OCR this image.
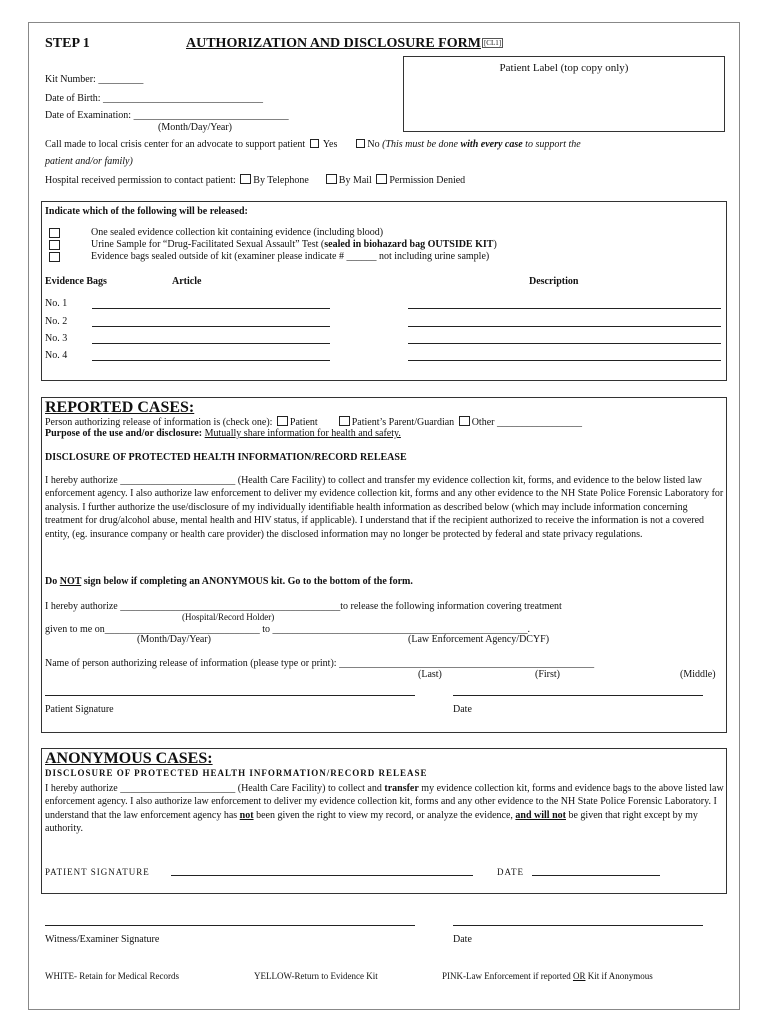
STEP 1	AUTHORIZATION AND DISCLOSURE FORM [CL1]
Patient Label (top copy only)
Kit Number: _________
Date of Birth: ________________________________
Date of Examination: _______________________________
(Month/Day/Year)
Call made to local crisis center for an advocate to support patient Yes	No (This must be done with every case to support the
patient and/or family)
Hospital received permission to contact patient: By Telephone	By Mail Permission Denied
Indicate which of the following will be released:
One sealed evidence collection kit containing evidence (including blood)
Urine Sample for “Drug-Facilitated Sexual Assault” Test (sealed in biohazard bag OUTSIDE KIT)
Evidence bags sealed outside of kit (examiner please indicate # ______ not including urine sample)
Evidence Bags	Article	Description
No. 1
No. 2
No. 3
No. 4
REPORTED CASES:
Person authorizing release of information is (check one): Patient	Patient’s Parent/Guardian Other _________________
Purpose of the use and/or disclosure: Mutually share information for health and safety.
DISCLOSURE OF PROTECTED HEALTH INFORMATION/RECORD RELEASE

I hereby authorize _______________________ (Health Care Facility) to collect and transfer my evidence collection kit, forms, and evidence to the below listed law enforcement agency. I also authorize law enforcement to deliver my evidence collection kit, forms and any other evidence to the NH State Police Forensic Laboratory for analysis. I further authorize the use/disclosure of my individually identifiable health information as described below (which may include information concerning treatment for drug/alcohol abuse, mental health and HIV status, if applicable). I understand that if the recipient authorized to receive the information is not a covered entity, (eg. insurance company or health care provider) the disclosed information may no longer be protected by federal and state privacy regulations.

Do NOT sign below if completing an ANONYMOUS kit. Go to the bottom of the form.
I hereby authorize ____________________________________________to release the following information covering treatment
(Hospital/Record Holder)
given to me on_______________________________ to ___________________________________________________.
(Month/Day/Year)	(Law Enforcement Agency/DCYF)
Name of person authorizing release of information (please type or print): ___________________________________________________
(Last)	(First)	(Middle)
Patient Signature	Date
ANONYMOUS CASES:
DISCLOSURE OF PROTECTED HEALTH INFORMATION/RECORD RELEASE

I hereby authorize _______________________ (Health Care Facility) to collect and transfer my evidence collection kit, forms and evidence bags to the above listed law enforcement agency. I also authorize law enforcement to deliver my evidence collection kit, forms and any other evidence to the NH State Police Forensic Laboratory. I understand that the law enforcement agency has not been given the right to view my record, or analyze the evidence, and will not be given that right except by my authority.

PATIENT SIGNATURE	DATE
Witness/Examiner Signature	Date
WHITE- Retain for Medical Records	YELLOW-Return to Evidence Kit	PINK-Law Enforcement if reported OR Kit if Anonymous
